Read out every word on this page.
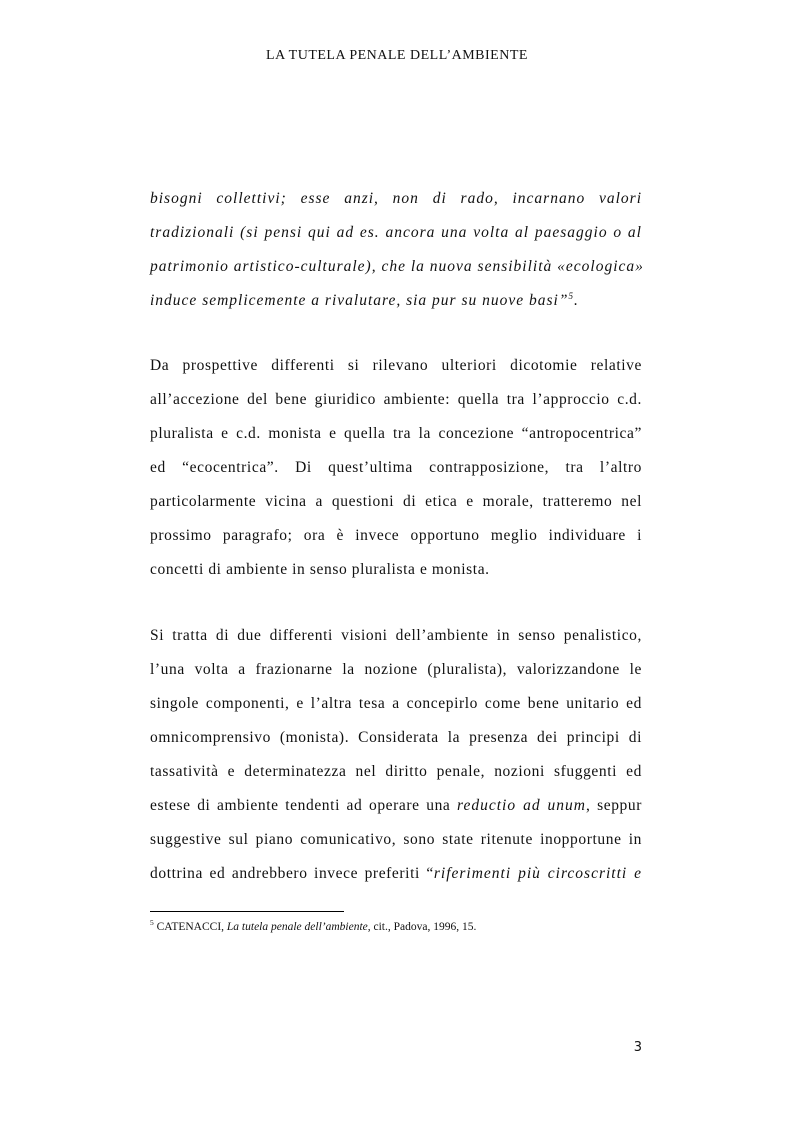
LA TUTELA PENALE DELL’AMBIENTE
bisogni collettivi; esse anzi, non di rado, incarnano valori
tradizionali (si pensi qui ad es. ancora una volta al paesaggio o al
patrimonio artistico-culturale), che la nuova sensibilità «ecologica»
induce semplicemente a rivalutare, sia pur su nuove basi”$^5$.
Da prospettive differenti si rilevano ulteriori dicotomie relative
all’accezione del bene giuridico ambiente: quella tra l’approccio c.d.
pluralista e c.d. monista e quella tra la concezione “antropocentrica”
ed “ecocentrica”. Di quest’ultima contrapposizione, tra l’altro
particolarmente vicina a questioni di etica e morale, tratteremo nel
prossimo paragrafo; ora è invece opportuno meglio individuare i
concetti di ambiente in senso pluralista e monista.
Si tratta di due differenti visioni dell’ambiente in senso penalistico,
l’una volta a frazionarne la nozione (pluralista), valorizzandone le
singole componenti, e l’altra tesa a concepirlo come bene unitario ed
omnicomprensivo (monista). Considerata la presenza dei principi di
tassatività e determinatezza nel diritto penale, nozioni sfuggenti ed
estese di ambiente tendenti ad operare una reductio ad unum, seppur
suggestive sul piano comunicativo, sono state ritenute inopportune in
dottrina ed andrebbero invece preferiti “riferimenti più circoscritti e
$^5$ CATENACCI, La tutela penale dell’ambiente, cit., Padova, 1996, 15.
3
